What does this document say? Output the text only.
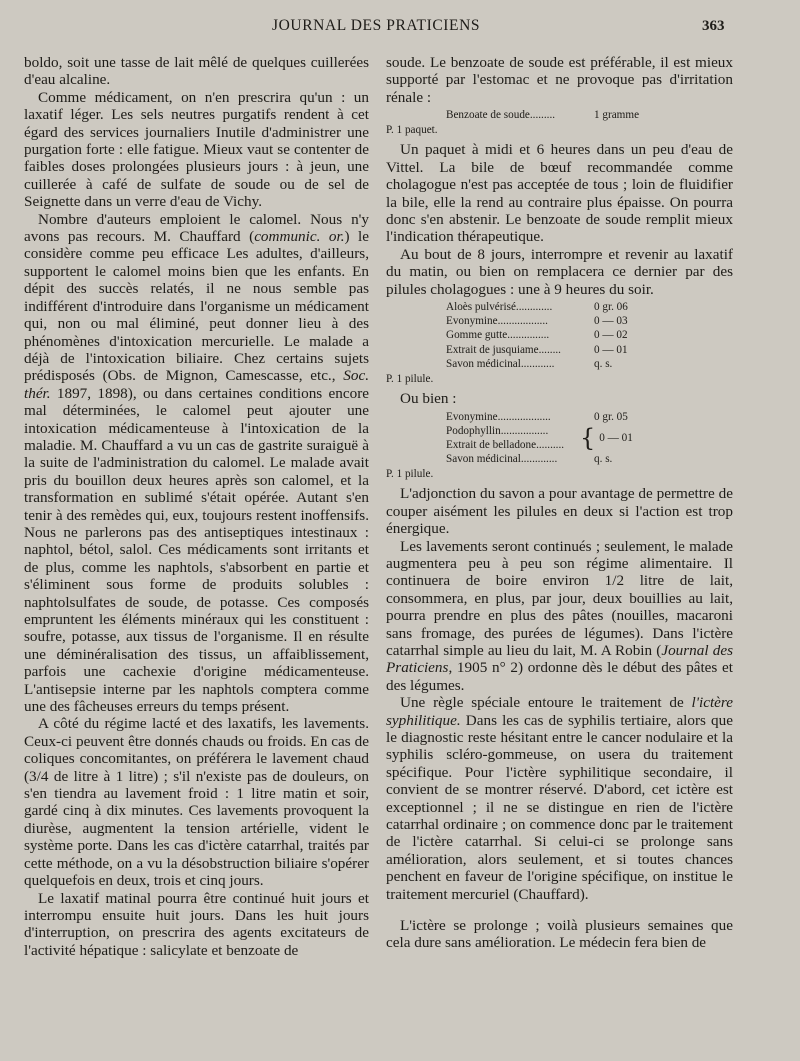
JOURNAL DES PRATICIENS	363

boldo, soit une tasse de lait mêlé de quelques cuillerées d'eau alcaline.

Comme médicament, on n'en prescrira qu'un : un laxatif léger. Les sels neutres purgatifs rendent à cet égard des services journaliers Inutile d'administrer une purgation forte : elle fatigue. Mieux vaut se contenter de faibles doses prolongées plusieurs jours : à jeun, une cuillerée à café de sulfate de soude ou de sel de Seignette dans un verre d'eau de Vichy.

Nombre d'auteurs emploient le calomel. Nous n'y avons pas recours. M. Chauffard (communic. or.) le considère comme peu efficace Les adultes, d'ailleurs, supportent le calomel moins bien que les enfants. En dépit des succès relatés, il ne nous semble pas indifférent d'introduire dans l'organisme un médicament qui, non ou mal éliminé, peut donner lieu à des phénomènes d'intoxication mercurielle. Le malade a déjà de l'intoxication biliaire. Chez certains sujets prédisposés (Obs. de Mignon, Camescasse, etc., Soc. thér. 1897, 1898), ou dans certaines conditions encore mal déterminées, le calomel peut ajouter une intoxication médicamenteuse à l'intoxication de la maladie. M. Chauffard a vu un cas de gastrite suraiguë à la suite de l'administration du calomel. Le malade avait pris du bouillon deux heures après son calomel, et la transformation en sublimé s'était opérée. Autant s'en tenir à des remèdes qui, eux, toujours restent inoffensifs. Nous ne parlerons pas des antiseptiques intestinaux : naphtol, bétol, salol. Ces médicaments sont irritants et de plus, comme les naphtols, s'absorbent en partie et s'éliminent sous forme de produits solubles : naphtolsulfates de soude, de potasse. Ces composés empruntent les éléments minéraux qui les constituent : soufre, potasse, aux tissus de l'organisme. Il en résulte une déminéralisation des tissus, un affaiblissement, parfois une cachexie d'origine médicamenteuse. L'antisepsie interne par les naphtols comptera comme une des fâcheuses erreurs du temps présent.

A côté du régime lacté et des laxatifs, les lavements. Ceux-ci peuvent être donnés chauds ou froids. En cas de coliques concomitantes, on préférera le lavement chaud (3/4 de litre à 1 litre) ; s'il n'existe pas de douleurs, on s'en tiendra au lavement froid : 1 litre matin et soir, gardé cinq à dix minutes. Ces lavements provoquent la diurèse, augmentent la tension artérielle, vident le système porte. Dans les cas d'ictère catarrhal, traités par cette méthode, on a vu la désobstruction biliaire s'opérer quelquefois en deux, trois et cinq jours.

Le laxatif matinal pourra être continué huit jours et interrompu ensuite huit jours. Dans les huit jours d'interruption, on prescrira des agents excitateurs de l'activité hépatique : salicylate et benzoate de

soude. Le benzoate de soude est préférable, il est mieux supporté par l'estomac et ne provoque pas d'irritation rénale :

Benzoate de soude.........	1 gramme
P. 1 paquet.

Un paquet à midi et 6 heures dans un peu d'eau de Vittel. La bile de bœuf recommandée comme cholagogue n'est pas acceptée de tous ; loin de fluidifier la bile, elle la rend au contraire plus épaisse. On pourra donc s'en abstenir. Le benzoate de soude remplit mieux l'indication thérapeutique.

Au bout de 8 jours, interrompre et revenir au laxatif du matin, ou bien on remplacera ce dernier par des pilules cholagogues : une à 9 heures du soir.

Aloès pulvérisé.............	0 gr. 06
Evonymine..................	0 — 03
Gomme gutte...............	0 — 02
Extrait de jusquiame........	0 — 01
Savon médicinal............	q. s.
P. 1 pilule.

Ou bien :

Evonymine...................	0 gr. 05
Podophyllin.................
Extrait de belladone.......... { 0 — 01
Savon médicinal.............	q. s.
P. 1 pilule.

L'adjonction du savon a pour avantage de permettre de couper aisément les pilules en deux si l'action est trop énergique.

Les lavements seront continués ; seulement, le malade augmentera peu à peu son régime alimentaire. Il continuera de boire environ 1/2 litre de lait, consommera, en plus, par jour, deux bouillies au lait, pourra prendre en plus des pâtes (nouilles, macaroni sans fromage, des purées de légumes). Dans l'ictère catarrhal simple au lieu du lait, M. A Robin (Journal des Praticiens, 1905 n° 2) ordonne dès le début des pâtes et des légumes.

Une règle spéciale entoure le traitement de l'ictère syphilitique. Dans les cas de syphilis tertiaire, alors que le diagnostic reste hésitant entre le cancer nodulaire et la syphilis scléro-gommeuse, on usera du traitement spécifique. Pour l'ictère syphilitique secondaire, il convient de se montrer réservé. D'abord, cet ictère est exceptionnel ; il ne se distingue en rien de l'ictère catarrhal ordinaire ; on commence donc par le traitement de l'ictère catarrhal. Si celui-ci se prolonge sans amélioration, alors seulement, et si toutes chances penchent en faveur de l'origine spécifique, on institue le traitement mercuriel (Chauffard).

L'ictère se prolonge ; voilà plusieurs semaines que cela dure sans amélioration. Le médecin fera bien de
